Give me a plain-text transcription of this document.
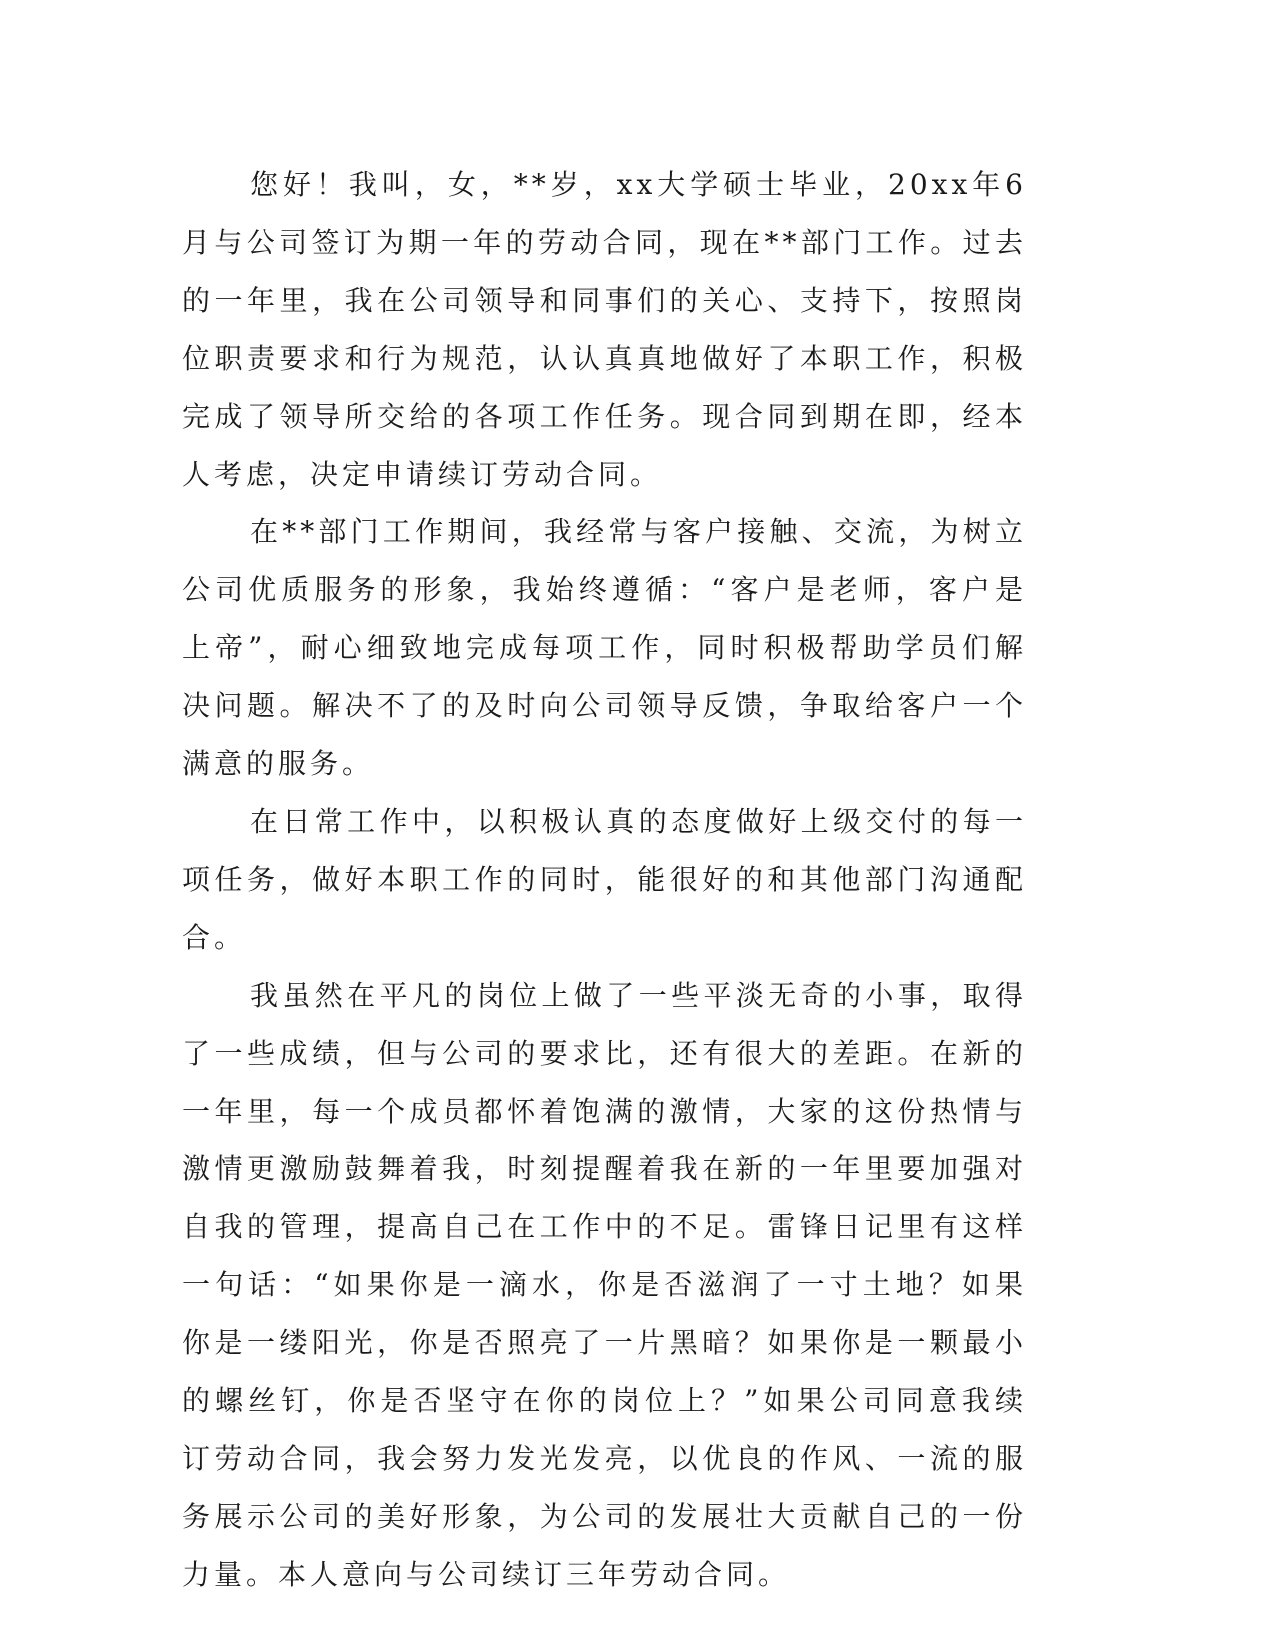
您好！我叫，女，**岁，xx大学硕士毕业，20xx年6月与公司签订为期一年的劳动合同，现在**部门工作。过去的一年里，我在公司领导和同事们的关心、支持下，按照岗位职责要求和行为规范，认认真真地做好了本职工作，积极完成了领导所交给的各项工作任务。现合同到期在即，经本人考虑，决定申请续订劳动合同。

在**部门工作期间，我经常与客户接触、交流，为树立公司优质服务的形象，我始终遵循：“客户是老师，客户是上帝”，耐心细致地完成每项工作，同时积极帮助学员们解决问题。解决不了的及时向公司领导反馈，争取给客户一个满意的服务。

在日常工作中，以积极认真的态度做好上级交付的每一项任务，做好本职工作的同时，能很好的和其他部门沟通配合。

我虽然在平凡的岗位上做了一些平淡无奇的小事，取得了一些成绩，但与公司的要求比，还有很大的差距。在新的一年里，每一个成员都怀着饱满的激情，大家的这份热情与激情更激励鼓舞着我，时刻提醒着我在新的一年里要加强对自我的管理，提高自己在工作中的不足。雷锋日记里有这样一句话：“如果你是一滴水，你是否滋润了一寸土地？如果你是一缕阳光，你是否照亮了一片黑暗？如果你是一颗最小的螺丝钉，你是否坚守在你的岗位上？”如果公司同意我续订劳动合同，我会努力发光发亮，以优良的作风、一流的服务展示公司的美好形象，为公司的发展壮大贡献自己的一份力量。本人意向与公司续订三年劳动合同。
